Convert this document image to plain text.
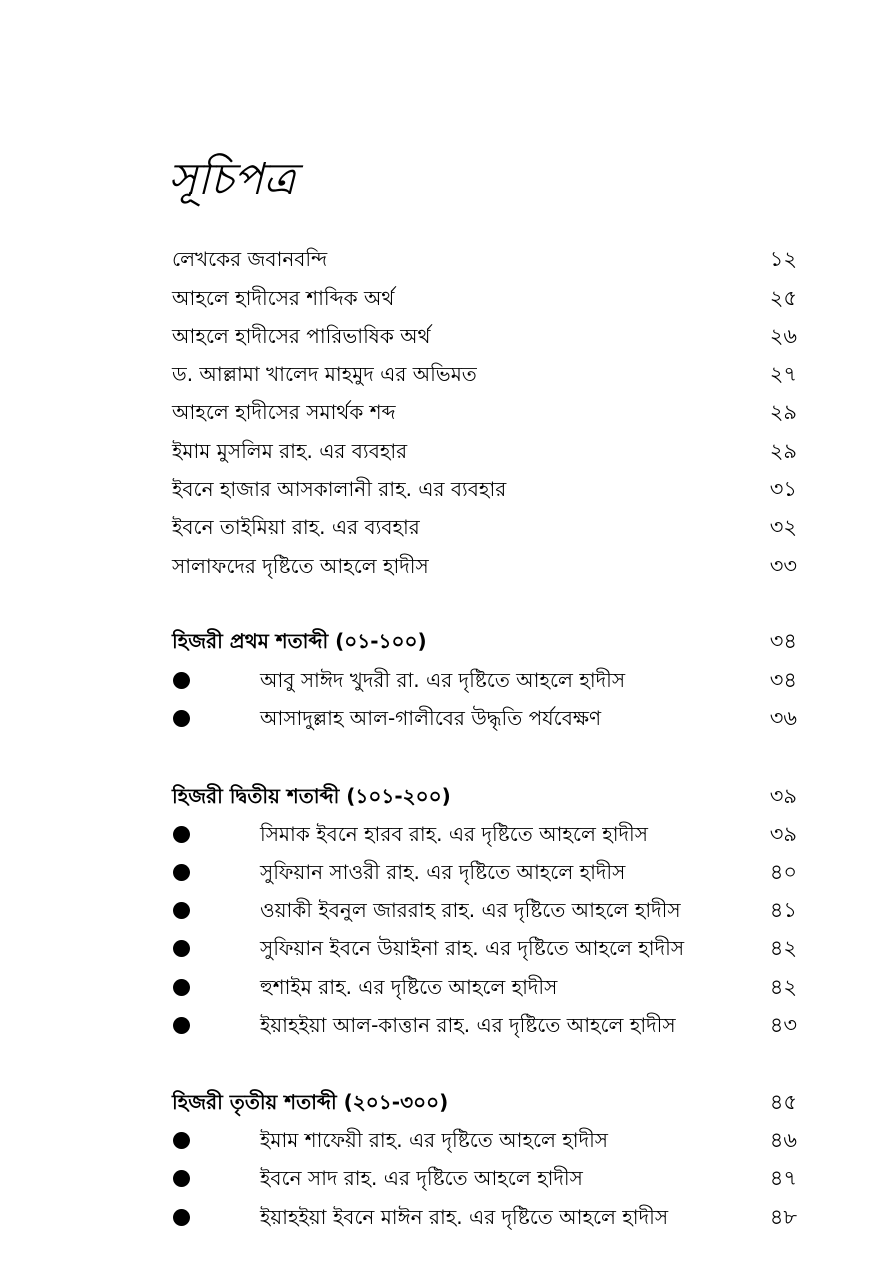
সূচিপত্র
লেখকের জবানবন্দি	১২
আহলে হাদীসের শাব্দিক অর্থ	২৫
আহলে হাদীসের পারিভাষিক অর্থ	২৬
ড. আল্লামা খালেদ মাহমুদ এর অভিমত	২৭
আহলে হাদীসের সমার্থক শব্দ	২৯
ইমাম মুসলিম রাহ. এর ব্যবহার	২৯
ইবনে হাজার আসকালানী রাহ. এর ব্যবহার	৩১
ইবনে তাইমিয়া রাহ. এর ব্যবহার	৩২
সালাফদের দৃষ্টিতে আহলে হাদীস	৩৩
হিজরী প্রথম শতাব্দী (০১-১০০)	৩৪
আবু সাঈদ খুদরী রা. এর দৃষ্টিতে আহলে হাদীস	৩৪
আসাদুল্লাহ আল-গালীবের উদ্ধৃতি পর্যবেক্ষণ	৩৬
হিজরী দ্বিতীয় শতাব্দী (১০১-২০০)	৩৯
সিমাক ইবনে হারব রাহ. এর দৃষ্টিতে আহলে হাদীস	৩৯
সুফিয়ান সাওরী রাহ. এর দৃষ্টিতে আহলে হাদীস	৪০
ওয়াকী ইবনুল জাররাহ রাহ. এর দৃষ্টিতে আহলে হাদীস	৪১
সুফিয়ান ইবনে উয়াইনা রাহ. এর দৃষ্টিতে আহলে হাদীস	৪২
হুশাইম রাহ. এর দৃষ্টিতে আহলে হাদীস	৪২
ইয়াহইয়া আল-কাত্তান রাহ. এর দৃষ্টিতে আহলে হাদীস	৪৩
হিজরী তৃতীয় শতাব্দী (২০১-৩০০)	৪৫
ইমাম শাফেয়ী রাহ. এর দৃষ্টিতে আহলে হাদীস	৪৬
ইবনে সাদ রাহ. এর দৃষ্টিতে আহলে হাদীস	৪৭
ইয়াহইয়া ইবনে মাঈন রাহ. এর দৃষ্টিতে আহলে হাদীস	৪৮
